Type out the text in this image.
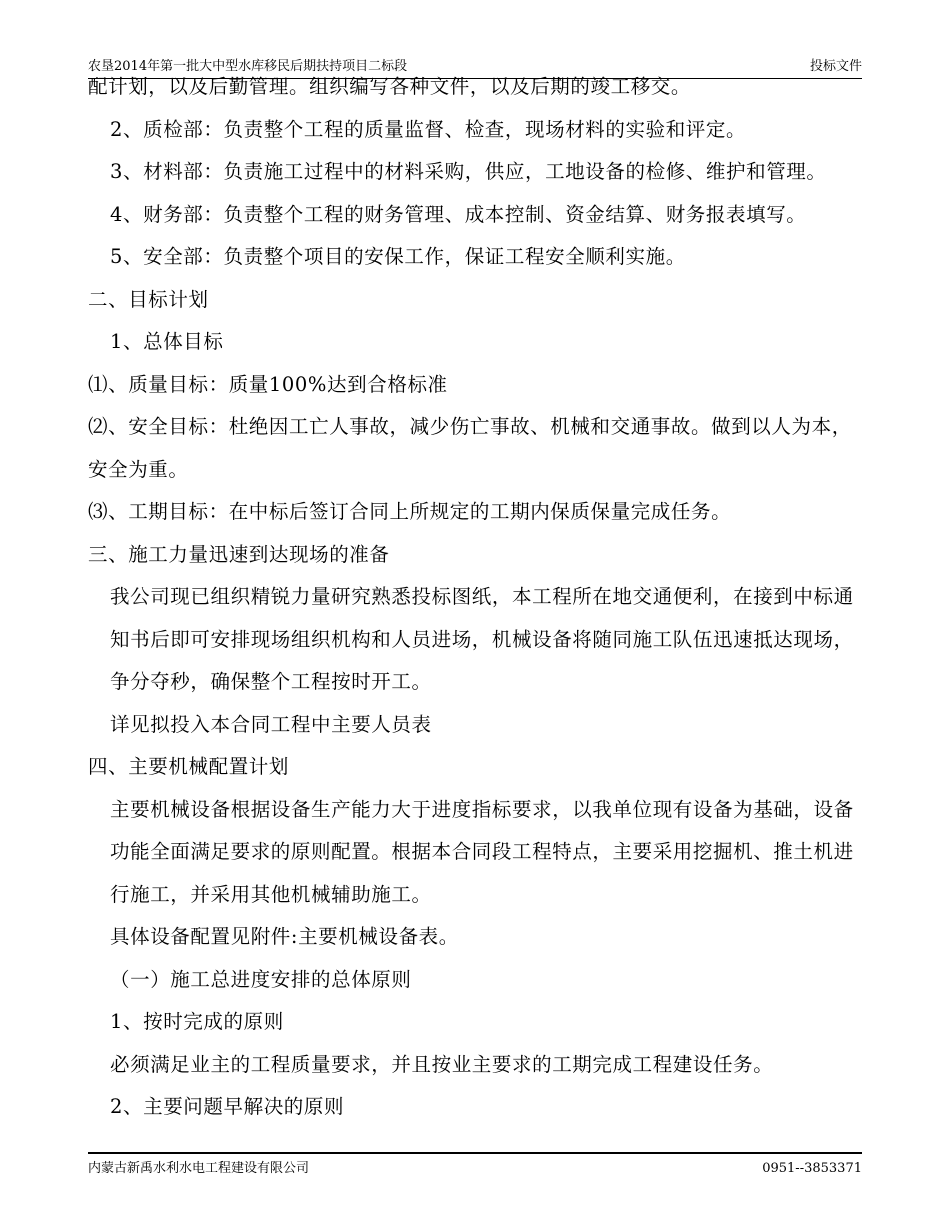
农垦2014年第一批大中型水库移民后期扶持项目二标段	投标文件

配计划，以及后勤管理。组织编写各种文件，以及后期的竣工移交。

2、质检部：负责整个工程的质量监督、检查，现场材料的实验和评定。

3、材料部：负责施工过程中的材料采购，供应，工地设备的检修、维护和管理。

4、财务部：负责整个工程的财务管理、成本控制、资金结算、财务报表填写。

5、安全部：负责整个项目的安保工作，保证工程安全顺利实施。

二、目标计划

1、总体目标

⑴、质量目标：质量100%达到合格标准

⑵、安全目标：杜绝因工亡人事故，减少伤亡事故、机械和交通事故。做到以人为本，安全为重。

⑶、工期目标：在中标后签订合同上所规定的工期内保质保量完成任务。

三、施工力量迅速到达现场的准备

我公司现已组织精锐力量研究熟悉投标图纸，本工程所在地交通便利，在接到中标通知书后即可安排现场组织机构和人员进场，机械设备将随同施工队伍迅速抵达现场，争分夺秒，确保整个工程按时开工。

详见拟投入本合同工程中主要人员表

四、主要机械配置计划

主要机械设备根据设备生产能力大于进度指标要求，以我单位现有设备为基础，设备功能全面满足要求的原则配置。根据本合同段工程特点，主要采用挖掘机、推土机进行施工，并采用其他机械辅助施工。

具体设备配置见附件:主要机械设备表。

（一）施工总进度安排的总体原则

1、按时完成的原则

必须满足业主的工程质量要求，并且按业主要求的工期完成工程建设任务。

2、主要问题早解决的原则

内蒙古新禹水利水电工程建设有限公司	0951--3853371
